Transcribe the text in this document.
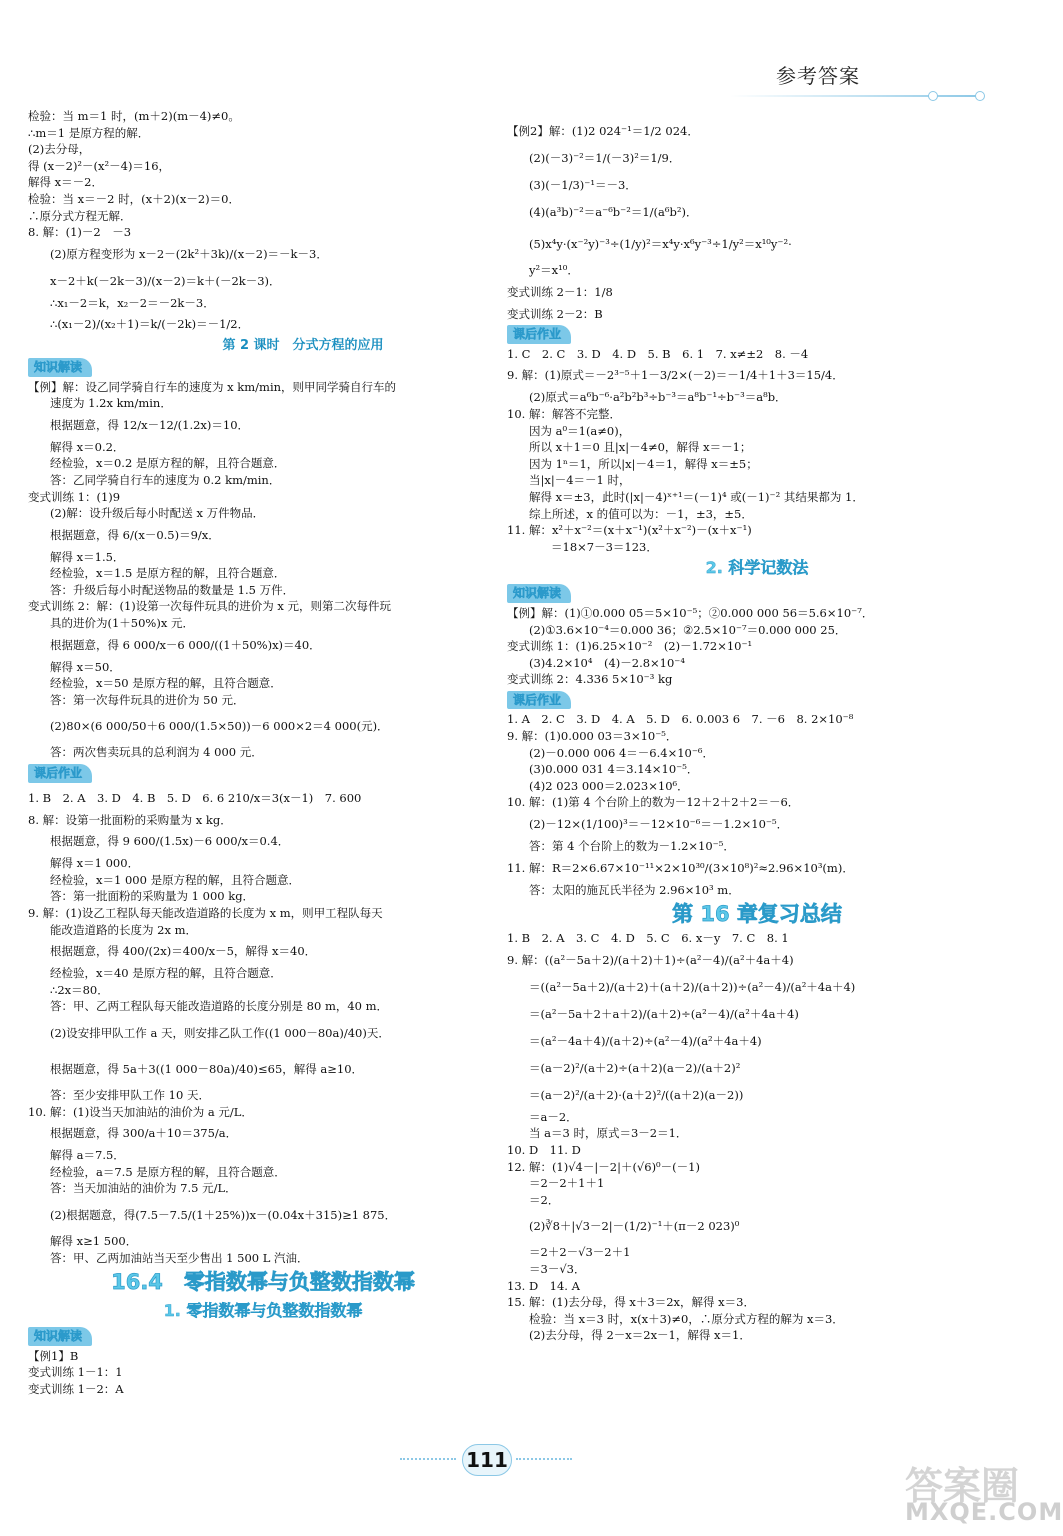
参考答案
检验：当 m＝1 时，(m＋2)(m－4)≠0。
∴m＝1 是原方程的解．
(2)去分母，
得 (x－2)²－(x²－4)＝16，
解得 x＝－2．
检验：当 x＝－2 时，(x＋2)(x－2)＝0．
∴原分式方程无解．
8. 解：(1)－2　－3
(2)原方程变形为 x－2－(2k²＋3k)/(x－2)＝－k－3．
x－2＋k(－2k－3)/(x－2)＝k＋(－2k－3)．
∴x₁－2＝k，x₂－2＝－2k－3．
∴(x₁－2)/(x₂＋1)＝k/(－2k)＝－1/2．
第 2 课时　分式方程的应用
知识解读
【例】解：设乙同学骑自行车的速度为 x km/min，则甲同学骑自行车的
速度为 1.2x km/min．
根据题意，得 12/x－12/(1.2x)＝10．
解得 x＝0.2．
经检验，x＝0.2 是原方程的解，且符合题意．
答：乙同学骑自行车的速度为 0.2 km/min．
变式训练 1：(1)9
(2)解：设升级后每小时配送 x 万件物品．
根据题意，得 6/(x－0.5)＝9/x．
解得 x＝1.5．
经检验，x＝1.5 是原方程的解，且符合题意．
答：升级后每小时配送物品的数量是 1.5 万件．
变式训练 2：解：(1)设第一次每件玩具的进价为 x 元，则第二次每件玩
具的进价为(1＋50%)x 元．
根据题意，得 6 000/x－6 000/((1＋50%)x)＝40．
解得 x＝50．
经检验，x＝50 是原方程的解，且符合题意．
答：第一次每件玩具的进价为 50 元．
(2)80×(6 000/50＋6 000/(1.5×50))－6 000×2＝4 000(元)．
答：两次售卖玩具的总利润为 4 000 元．
课后作业
1. B　2. A　3. D　4. B　5. D　6. 6 210/x＝3(x－1)　7. 600
8. 解：设第一批面粉的采购量为 x kg．
根据题意，得 9 600/(1.5x)－6 000/x＝0.4．
解得 x＝1 000．
经检验，x＝1 000 是原方程的解，且符合题意．
答：第一批面粉的采购量为 1 000 kg．
9. 解：(1)设乙工程队每天能改造道路的长度为 x m，则甲工程队每天
能改造道路的长度为 2x m．
根据题意，得 400/(2x)＝400/x－5，解得 x＝40．
经检验，x＝40 是原方程的解，且符合题意．
∴2x＝80．
答：甲、乙两工程队每天能改造道路的长度分别是 80 m，40 m．
(2)设安排甲队工作 a 天，则安排乙队工作((1 000－80a)/40)天．
根据题意，得 5a＋3((1 000－80a)/40)≤65，解得 a≥10．
答：至少安排甲队工作 10 天．
10. 解：(1)设当天加油站的油价为 a 元/L．
根据题意，得 300/a＋10＝375/a．
解得 a＝7.5．
经检验，a＝7.5 是原方程的解，且符合题意．
答：当天加油站的油价为 7.5 元/L．
(2)根据题意，得(7.5－7.5/(1＋25%))x－(0.04x＋315)≥1 875．
解得 x≥1 500．
答：甲、乙两加油站当天至少售出 1 500 L 汽油．
16.4　零指数幂与负整数指数幂
1. 零指数幂与负整数指数幂
知识解读
【例1】B
变式训练 1－1：1
变式训练 1－2：A
【例2】解：(1)2 024⁻¹＝1/2 024．
(2)(－3)⁻²＝1/(－3)²＝1/9．
(3)(－1/3)⁻¹＝－3．
(4)(a³b)⁻²＝a⁻⁶b⁻²＝1/(a⁶b²)．
(5)x⁴y·(x⁻²y)⁻³÷(1/y)²＝x⁴y·x⁶y⁻³÷1/y²＝x¹⁰y⁻²·
y²＝x¹⁰．
变式训练 2－1：1/8
变式训练 2－2：B
课后作业
1. C　2. C　3. D　4. D　5. B　6. 1　7. x≠±2　8. －4
9. 解：(1)原式＝－2³⁻⁵＋1－3/2×(－2)＝－1/4＋1＋3＝15/4．
(2)原式＝a⁶b⁻⁶·a²b²b³÷b⁻³＝a⁸b⁻¹÷b⁻³＝a⁸b．
10. 解：解答不完整．
因为 a⁰＝1(a≠0)，
所以 x＋1＝0 且|x|－4≠0，解得 x＝－1；
因为 1ⁿ＝1，所以|x|－4＝1，解得 x＝±5；
当|x|－4＝－1 时，
解得 x＝±3，此时(|x|－4)ˣ⁺¹＝(－1)⁴ 或(－1)⁻² 其结果都为 1．
综上所述，x 的值可以为：－1，±3，±5．
11. 解：x²＋x⁻²＝(x＋x⁻¹)(x²＋x⁻²)－(x＋x⁻¹)
＝18×7－3＝123．
2. 科学记数法
知识解读
【例】解：(1)①0.000 05＝5×10⁻⁵；②0.000 000 56＝5.6×10⁻⁷．
(2)①3.6×10⁻⁴＝0.000 36；②2.5×10⁻⁷＝0.000 000 25．
变式训练 1：(1)6.25×10⁻²　(2)－1.72×10⁻¹
(3)4.2×10⁴　(4)－2.8×10⁻⁴
变式训练 2：4.336 5×10⁻³ kg
课后作业
1. A　2. C　3. D　4. A　5. D　6. 0.003 6　7. －6　8. 2×10⁻⁸
9. 解：(1)0.000 03＝3×10⁻⁵．
(2)－0.000 006 4＝－6.4×10⁻⁶．
(3)0.000 031 4＝3.14×10⁻⁵．
(4)2 023 000＝2.023×10⁶．
10. 解：(1)第 4 个台阶上的数为－12＋2＋2＋2＝－6．
(2)－12×(1/100)³＝－12×10⁻⁶＝－1.2×10⁻⁵．
答：第 4 个台阶上的数为－1.2×10⁻⁵．
11. 解：R＝2×6.67×10⁻¹¹×2×10³⁰/(3×10⁸)²≈2.96×10³(m)．
答：太阳的施瓦氏半径为 2.96×10³ m．
第 16 章复习总结
1. B　2. A　3. C　4. D　5. C　6. x－y　7. C　8. 1
9. 解：((a²－5a＋2)/(a＋2)＋1)÷(a²－4)/(a²＋4a＋4)
＝((a²－5a＋2)/(a＋2)＋(a＋2)/(a＋2))÷(a²－4)/(a²＋4a＋4)
＝(a²－5a＋2＋a＋2)/(a＋2)÷(a²－4)/(a²＋4a＋4)
＝(a²－4a＋4)/(a＋2)÷(a²－4)/(a²＋4a＋4)
＝(a－2)²/(a＋2)÷(a＋2)(a－2)/(a＋2)²
＝(a－2)²/(a＋2)·(a＋2)²/((a＋2)(a－2))
＝a－2．
当 a＝3 时，原式＝3－2＝1．
10. D　11. D
12. 解：(1)√4－|－2|＋(√6)⁰－(－1)
＝2－2＋1＋1
＝2．
(2)∛8＋|√3－2|－(1/2)⁻¹＋(π－2 023)⁰
＝2＋2－√3－2＋1
＝3－√3．
13. D　14. A
15. 解：(1)去分母，得 x＋3＝2x，解得 x＝3．
检验：当 x＝3 时，x(x＋3)≠0，∴原分式方程的解为 x＝3．
(2)去分母，得 2－x＝2x－1，解得 x＝1．
111
答案圈
MXQE.COM
